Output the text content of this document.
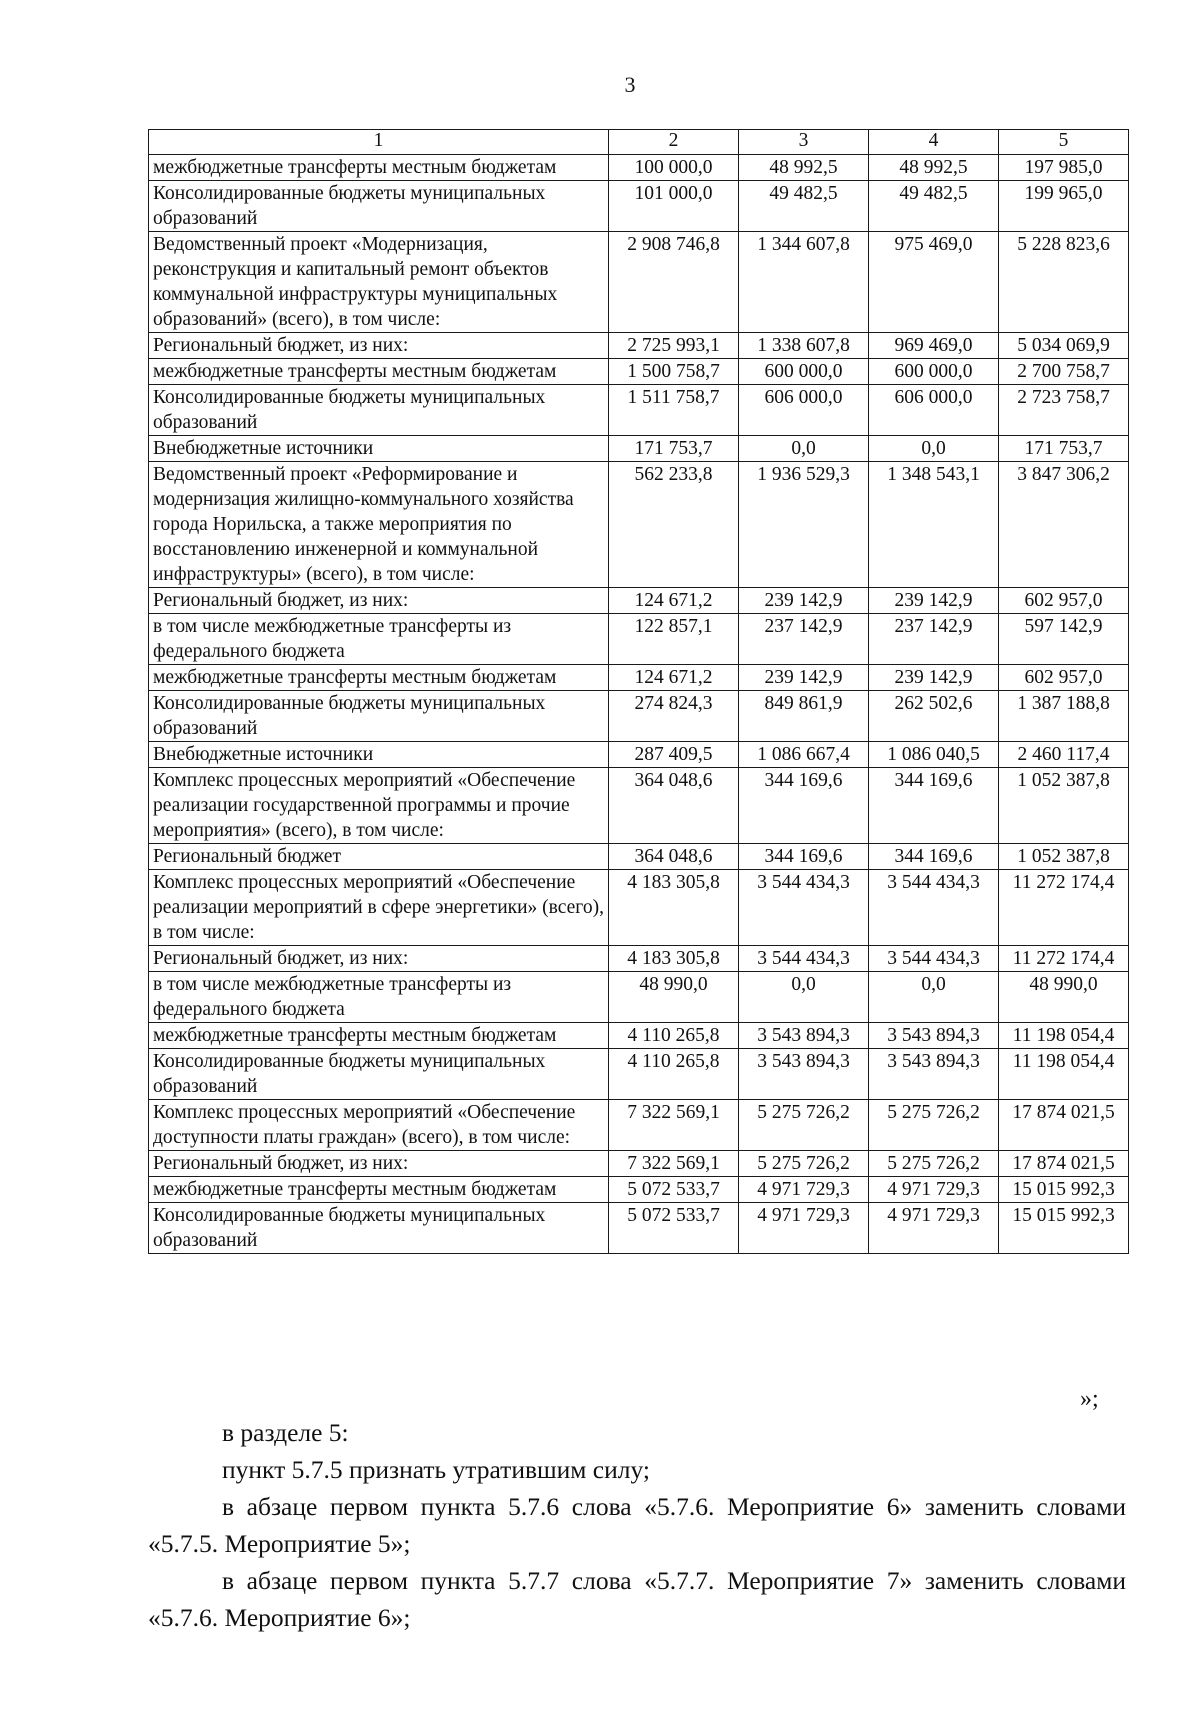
3
1	2	3	4	5
межбюджетные трансферты местным бюджетам	100 000,0	48 992,5	48 992,5	197 985,0
Консолидированные бюджеты муниципальных образований	101 000,0	49 482,5	49 482,5	199 965,0
Ведомственный проект «Модернизация, реконструкция и капитальный ремонт объектов коммунальной инфраструктуры муниципальных образований» (всего), в том числе:	2 908 746,8	1 344 607,8	975 469,0	5 228 823,6
Региональный бюджет, из них:	2 725 993,1	1 338 607,8	969 469,0	5 034 069,9
межбюджетные трансферты местным бюджетам	1 500 758,7	600 000,0	600 000,0	2 700 758,7
Консолидированные бюджеты муниципальных образований	1 511 758,7	606 000,0	606 000,0	2 723 758,7
Внебюджетные источники	171 753,7	0,0	0,0	171 753,7
Ведомственный проект «Реформирование и модернизация жилищно-коммунального хозяйства города Норильска, а также мероприятия по восстановлению инженерной и коммунальной инфраструктуры» (всего), в том числе:	562 233,8	1 936 529,3	1 348 543,1	3 847 306,2
Региональный бюджет, из них:	124 671,2	239 142,9	239 142,9	602 957,0
в том числе межбюджетные трансферты из федерального бюджета	122 857,1	237 142,9	237 142,9	597 142,9
межбюджетные трансферты местным бюджетам	124 671,2	239 142,9	239 142,9	602 957,0
Консолидированные бюджеты муниципальных образований	274 824,3	849 861,9	262 502,6	1 387 188,8
Внебюджетные источники	287 409,5	1 086 667,4	1 086 040,5	2 460 117,4
Комплекс процессных мероприятий «Обеспечение реализации государственной программы и прочие мероприятия» (всего), в том числе:	364 048,6	344 169,6	344 169,6	1 052 387,8
Региональный бюджет	364 048,6	344 169,6	344 169,6	1 052 387,8
Комплекс процессных мероприятий «Обеспечение реализации мероприятий в сфере энергетики» (всего), в том числе:	4 183 305,8	3 544 434,3	3 544 434,3	11 272 174,4
Региональный бюджет, из них:	4 183 305,8	3 544 434,3	3 544 434,3	11 272 174,4
в том числе межбюджетные трансферты из федерального бюджета	48 990,0	0,0	0,0	48 990,0
межбюджетные трансферты местным бюджетам	4 110 265,8	3 543 894,3	3 543 894,3	11 198 054,4
Консолидированные бюджеты муниципальных образований	4 110 265,8	3 543 894,3	3 543 894,3	11 198 054,4
Комплекс процессных мероприятий «Обеспечение доступности платы граждан» (всего), в том числе:	7 322 569,1	5 275 726,2	5 275 726,2	17 874 021,5
Региональный бюджет, из них:	7 322 569,1	5 275 726,2	5 275 726,2	17 874 021,5
межбюджетные трансферты местным бюджетам	5 072 533,7	4 971 729,3	4 971 729,3	15 015 992,3
Консолидированные бюджеты муниципальных образований	5 072 533,7	4 971 729,3	4 971 729,3	15 015 992,3
»;

в разделе 5:

пункт 5.7.5 признать утратившим силу;

в абзаце первом пункта 5.7.6 слова «5.7.6. Мероприятие 6» заменить словами «5.7.5. Мероприятие 5»;

в абзаце первом пункта 5.7.7 слова «5.7.7. Мероприятие 7» заменить словами «5.7.6. Мероприятие 6»;
